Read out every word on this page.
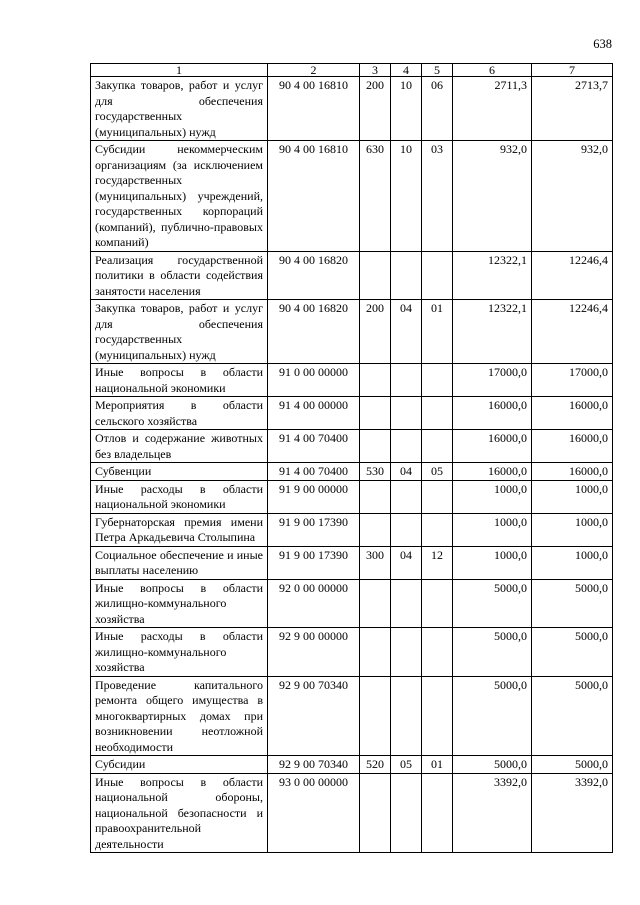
638
1	2	3	4	5	6	7
Закупка товаров, работ и услуг для обеспечения государственных (муниципальных) нужд	90 4 00 16810	200	10	06	2711,3	2713,7
Субсидии некоммерческим организациям (за исключением государственных (муниципальных) учреждений, государственных корпораций (компаний), публично-правовых компаний)	90 4 00 16810	630	10	03	932,0	932,0
Реализация государственной политики в области содействия занятости населения	90 4 00 16820				12322,1	12246,4
Закупка товаров, работ и услуг для обеспечения государственных (муниципальных) нужд	90 4 00 16820	200	04	01	12322,1	12246,4
Иные вопросы в области национальной экономики	91 0 00 00000				17000,0	17000,0
Мероприятия в области сельского хозяйства	91 4 00 00000				16000,0	16000,0
Отлов и содержание животных без владельцев	91 4 00 70400				16000,0	16000,0
Субвенции	91 4 00 70400	530	04	05	16000,0	16000,0
Иные расходы в области национальной экономики	91 9 00 00000				1000,0	1000,0
Губернаторская премия имени Петра Аркадьевича Столыпина	91 9 00 17390				1000,0	1000,0
Социальное обеспечение и иные выплаты населению	91 9 00 17390	300	04	12	1000,0	1000,0
Иные вопросы в области жилищно-коммунального хозяйства	92 0 00 00000				5000,0	5000,0
Иные расходы в области жилищно-коммунального хозяйства	92 9 00 00000				5000,0	5000,0
Проведение капитального ремонта общего имущества в многоквартирных домах при возникновении неотложной необходимости	92 9 00 70340				5000,0	5000,0
Субсидии	92 9 00 70340	520	05	01	5000,0	5000,0
Иные вопросы в области национальной обороны, национальной безопасности и правоохранительной деятельности	93 0 00 00000				3392,0	3392,0
